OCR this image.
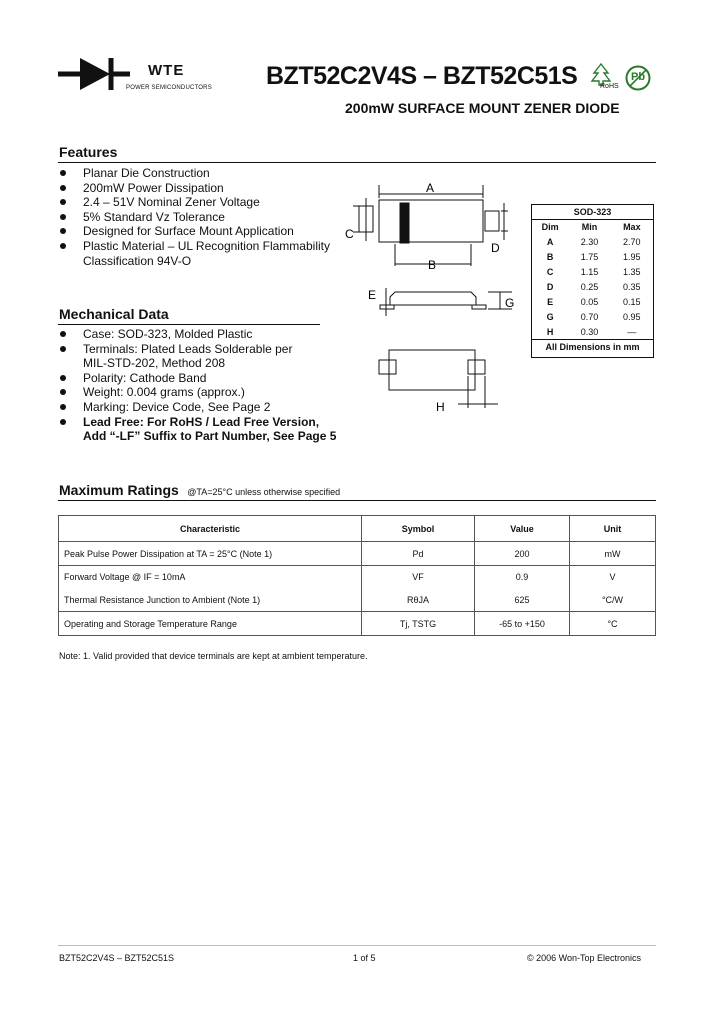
WTE
POWER SEMICONDUCTORS BZT52C2V4S – BZT52C51S	RoHS
Pb
200mW SURFACE MOUNT ZENER DIODE
Features
Planar Die Construction
200mW Power Dissipation
2.4 – 51V Nominal Zener Voltage
5% Standard Vz Tolerance
Designed for Surface Mount Application
Plastic Material – UL Recognition Flammability
Classification 94V-O
Mechanical Data
Case: SOD-323, Molded Plastic
Terminals: Plated Leads Solderable per
MIL-STD-202, Method 208
Polarity: Cathode Band
Weight: 0.004 grams (approx.)
Marking: Device Code, See Page 2
Lead Free: For RoHS / Lead Free Version,
Add “-LF” Suffix to Part Number, See Page 5
A
B
C
D
E
G
H
SOD-323
Dim	Min	Max
A	2.30	2.70
B	1.75	1.95
C	1.15	1.35
D	0.25	0.35
E	0.05	0.15
G	0.70	0.95
H	0.30	—
All Dimensions in mm
Maximum Ratings @TA=25°C unless otherwise specified
Characteristic	Symbol	Value	Unit
Peak Pulse Power Dissipation at TA = 25°C (Note 1)	Pd	200	mW
Forward Voltage @ IF = 10mA	VF	0.9	V
Thermal Resistance Junction to Ambient (Note 1)	RθJA	625	°C/W
Operating and Storage Temperature Range	Tj, TSTG	-65 to +150	°C
Note: 1. Valid provided that device terminals are kept at ambient temperature.
BZT52C2V4S – BZT52C51S	1 of 5	© 2006 Won-Top Electronics
